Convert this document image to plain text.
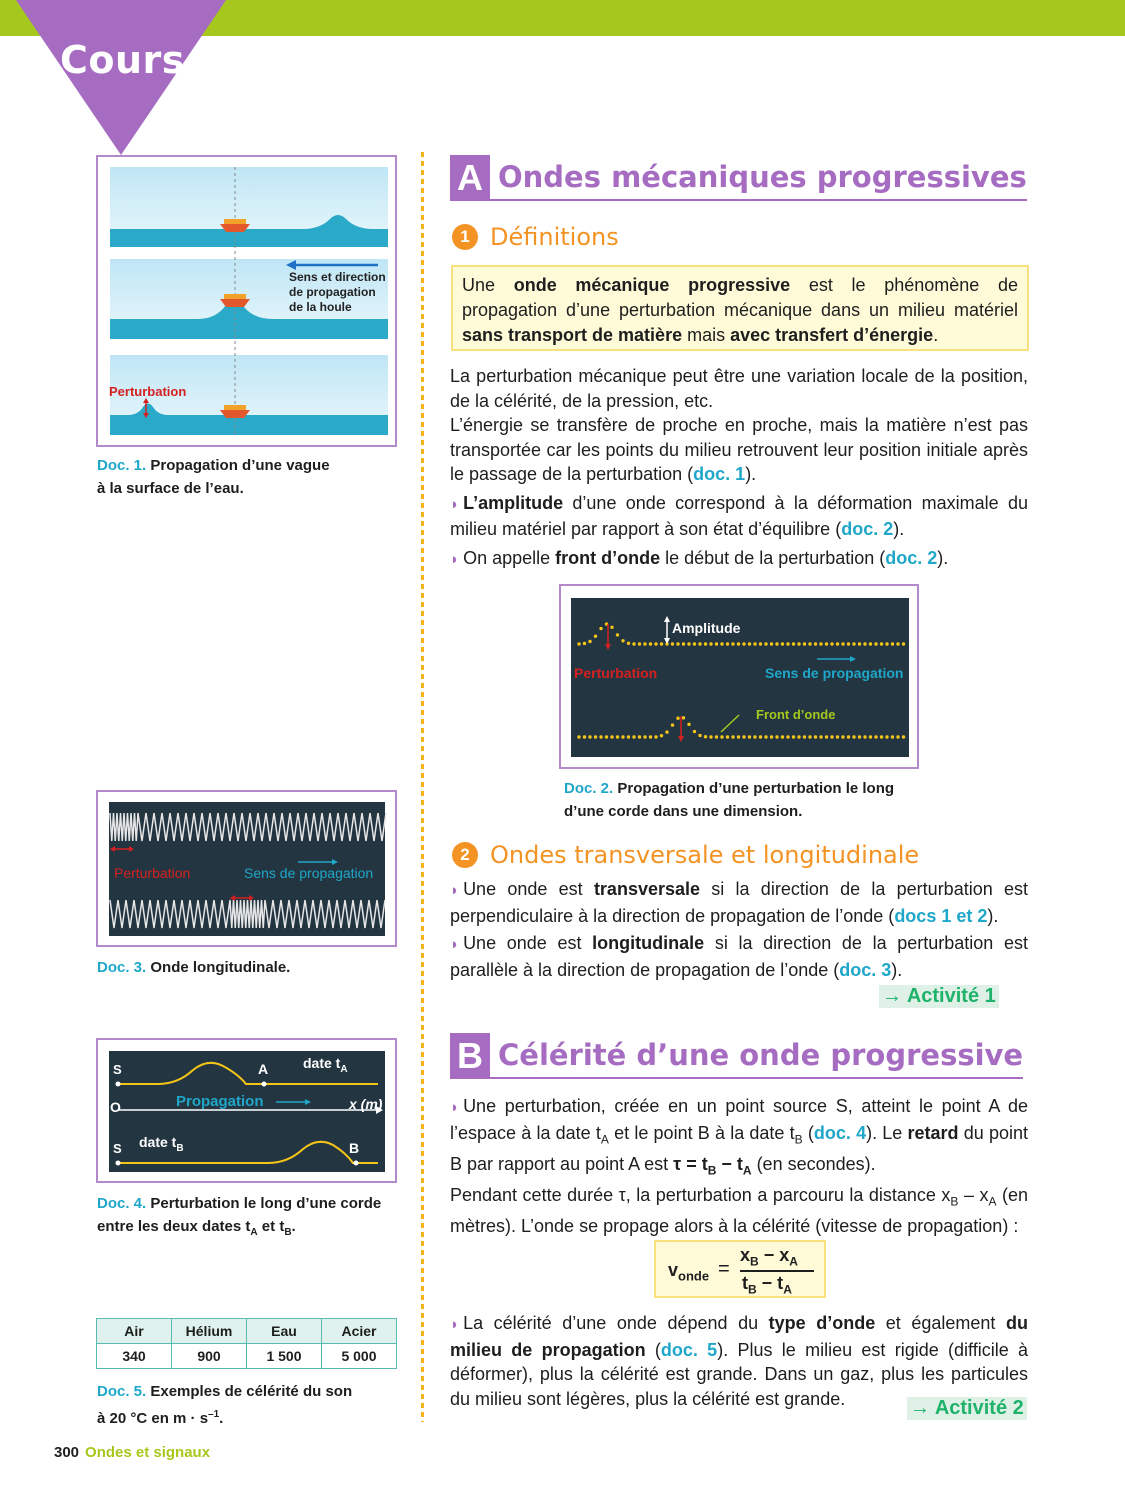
Cours
Sens et direction
de propagation
de la houle
Perturbation
Doc. 1. Propagation d’une vague
à la surface de l’eau.
Perturbation	Sens de propagation
Doc. 3. Onde longitudinale.
S	A date $t_A$
O	Propagation	x (m)
S date $t_B$	B
Doc. 4. Perturbation le long d’une corde
entre les deux dates $t_A$ et $t_B$.
Air	Hélium	Eau	Acier
340	900	1 500	5 000
Doc. 5. Exemples de célérité du son
à 20 °C en $m \cdot s^{-1}$.
A Ondes mécaniques progressives
1 Définitions
Une onde mécanique progressive est le phénomène de propagation d’une perturbation mécanique dans un milieu matériel sans transport de matière mais avec transfert d’énergie.
La perturbation mécanique peut être une variation locale de la position, de la célérité, de la pression, etc.
L’énergie se transfère de proche en proche, mais la matière n’est pas transportée car les points du milieu retrouvent leur position initiale après le passage de la perturbation (doc. 1).
◗ L’amplitude d’une onde correspond à la déformation maximale du milieu matériel par rapport à son état d’équilibre (doc. 2).
◗ On appelle front d’onde le début de la perturbation (doc. 2).
Amplitude
Perturbation	Sens de propagation
Front d’onde
Doc. 2. Propagation d’une perturbation le long
d’une corde dans une dimension.
2 Ondes transversale et longitudinale
◗ Une onde est transversale si la direction de la perturbation est perpendiculaire à la direction de propagation de l’onde (docs 1 et 2).
◗ Une onde est longitudinale si la direction de la perturbation est parallèle à la direction de propagation de l’onde (doc. 3).
→ Activité 1
B Célérité d’une onde progressive
◗ Une perturbation, créée en un point source S, atteint le point A de l’espace à la date $t_A$ et le point B à la date $t_B$ (doc. 4). Le retard du point B par rapport au point A est $\tau = t_B - t_A$ (en secondes).
Pendant cette durée τ, la perturbation a parcouru la distance $x_B - x_A$ (en mètres). L’onde se propage alors à la célérité (vitesse de propagation) :
$v_{onde}$ =
$x_B - x_A$
$t_B - t_A$
◗ La célérité d’une onde dépend du type d’onde et également du milieu de propagation (doc. 5). Plus le milieu est rigide (difficile à déformer), plus la célérité est grande. Dans un gaz, plus les particules du milieu sont légères, plus la célérité est grande.	→ Activité 2
300 Ondes et signaux
